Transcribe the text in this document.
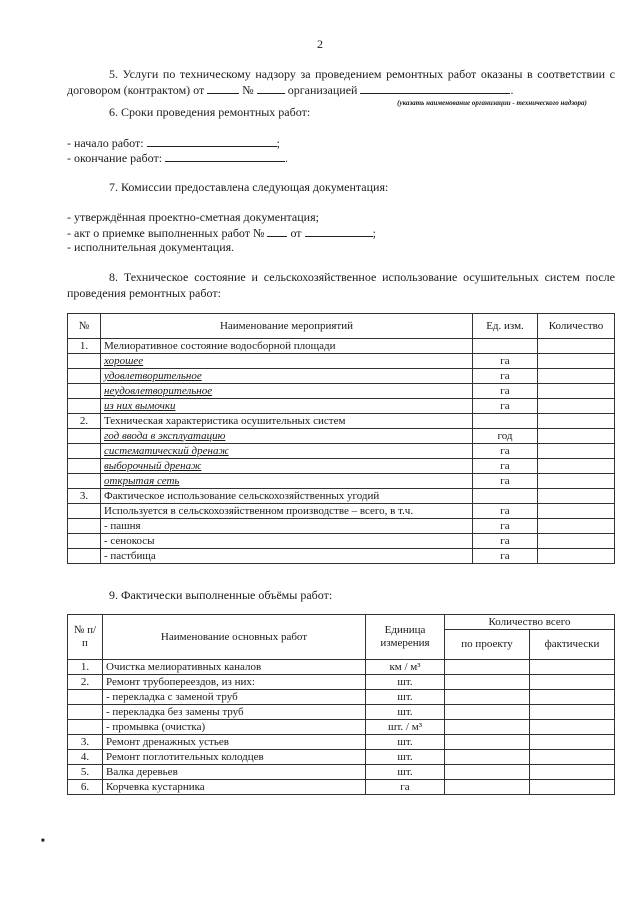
2
5. Услуги по техническому надзору за проведением ремонтных работ оказаны в соответствии с договором (контрактом) от	№	организацией	.
(указать наименование организации - технического надзора)
6. Сроки проведения ремонтных работ:
- начало работ:	;
- окончание работ:	.
7. Комиссии предоставлена следующая документация:
- утверждённая проектно-сметная документация;
- акт о приемке выполненных работ № от	;
- исполнительная документация.
8. Техническое состояние и сельскохозяйственное использование осушительных систем после проведения ремонтных работ:
№	Наименование мероприятий	Ед. изм.	Количество
1.	Мелиоративное состояние водосборной площади		
	хорошее	га	
	удовлетворительное	га	
	неудовлетворительное	га	
	из них вымочки	га	
2.	Техническая характеристика осушительных систем		
	год ввода в эксплуатацию	год	
	систематический дренаж	га	
	выборочный дренаж	га	
	открытая сеть	га	
3.	Фактическое использование сельскохозяйственных угодий		
	Используется в сельскохозяйственном производстве – всего, в т.ч.	га	
	- пашня	га	
	- сенокосы	га	
	- пастбища	га	
9. Фактически выполненные объёмы работ:
№ п/п	Наименование основных работ	Единица измерения	Количество всего	
			по проекту	фактически
1.	Очистка мелиоративных каналов	км / м³		
2.	Ремонт трубопереездов, из них:	шт.		
	- перекладка с заменой труб	шт.		
	- перекладка без замены труб	шт.		
	- промывка (очистка)	шт. / м³		
3.	Ремонт дренажных устьев	шт.		
4.	Ремонт поглотительных колодцев	шт.		
5.	Валка деревьев	шт.		
6.	Корчевка кустарника	га		
■
